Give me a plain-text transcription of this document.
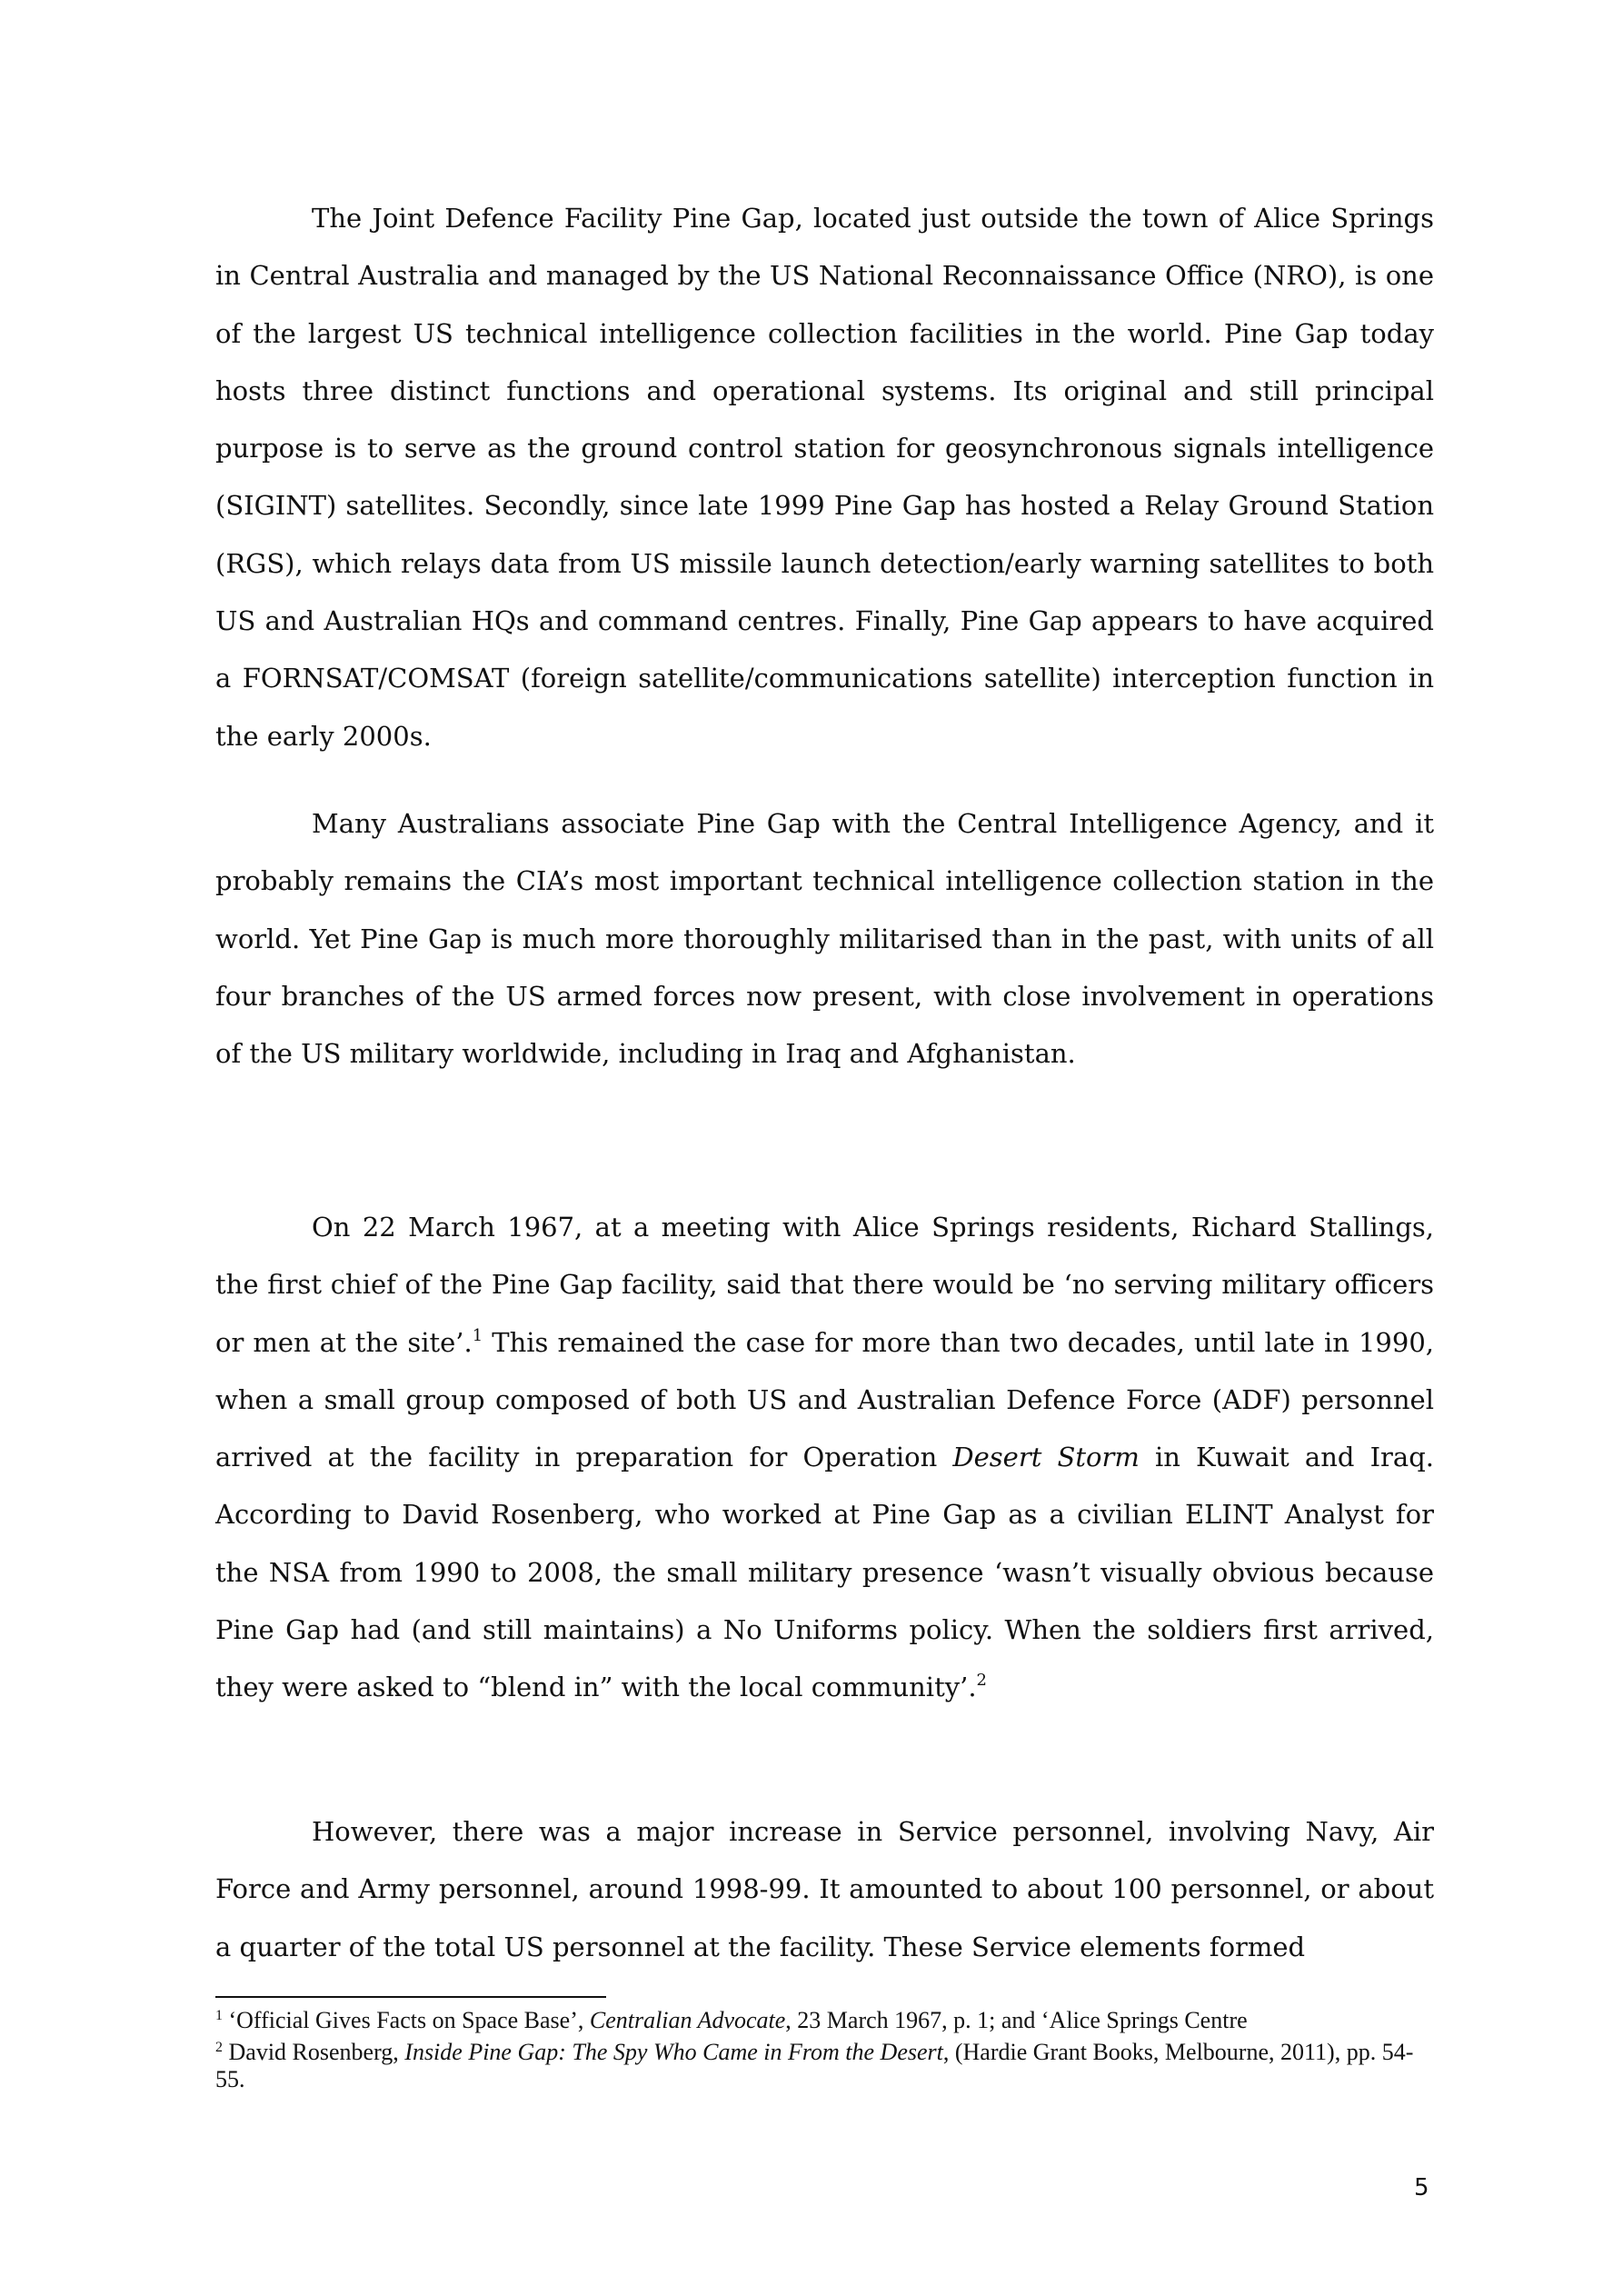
The Joint Defence Facility Pine Gap, located just outside the town of Alice Springs in Central Australia and managed by the US National Reconnaissance Office (NRO), is one of the largest US technical intelligence collection facilities in the world. Pine Gap today hosts three distinct functions and operational systems. Its original and still principal purpose is to serve as the ground control station for geosynchronous signals intelligence (SIGINT) satellites. Secondly, since late 1999 Pine Gap has hosted a Relay Ground Station (RGS), which relays data from US missile launch detection/early warning satellites to both US and Australian HQs and command centres. Finally, Pine Gap appears to have acquired a FORNSAT/COMSAT (foreign satellite/communications satellite) interception function in the early 2000s.

Many Australians associate Pine Gap with the Central Intelligence Agency, and it probably remains the CIA’s most important technical intelligence collection station in the world. Yet Pine Gap is much more thoroughly militarised than in the past, with units of all four branches of the US armed forces now present, with close involvement in operations of the US military worldwide, including in Iraq and Afghanistan.

On 22 March 1967, at a meeting with Alice Springs residents, Richard Stallings, the first chief of the Pine Gap facility, said that there would be ‘no serving military officers or men at the site’.$^1$ This remained the case for more than two decades, until late in 1990, when a small group composed of both US and Australian Defence Force (ADF) personnel arrived at the facility in preparation for Operation Desert Storm in Kuwait and Iraq. According to David Rosenberg, who worked at Pine Gap as a civilian ELINT Analyst for the NSA from 1990 to 2008, the small military presence ‘wasn’t visually obvious because Pine Gap had (and still maintains) a No Uniforms policy. When the soldiers first arrived, they were asked to “blend in” with the local community’.$^2$

However, there was a major increase in Service personnel, involving Navy, Air Force and Army personnel, around 1998-99. It amounted to about 100 personnel, or about a quarter of the total US personnel at the facility. These Service elements formed

$^1$ ‘Official Gives Facts on Space Base’, Centralian Advocate, 23 March 1967, p. 1; and ‘Alice Springs Centre

$^2$ David Rosenberg, Inside Pine Gap: The Spy Who Came in From the Desert, (Hardie Grant Books, Melbourne, 2011), pp. 54-55.

5
